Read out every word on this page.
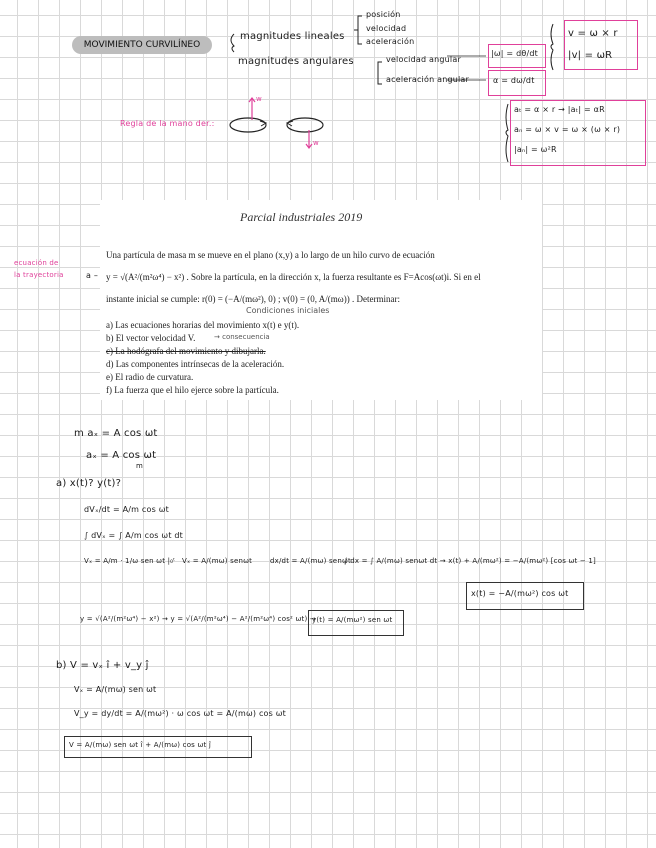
MOVIMIENTO CURVILÍNEO
magnitudes lineales
posición
velocidad
aceleración
magnitudes angulares	velocidad angular
aceleración angular
|ω| = dθ/dt
α = dω/dt
v = ω × r
|v| = ωR
Regla de la mano der.:
w
w
aₜ = α × r → |aₜ| = αR
aₙ = ω × v = ω × (ω × r)
|aₙ| = ω²R
Parcial industriales 2019
Una partícula de masa m se mueve en el plano (x,y) a lo largo de un hilo curvo de ecuación
y = √(A²/(m²ω⁴) − x²) . Sobre la partícula, en la dirección x, la fuerza resultante es F=Acos(ωt)i. Si en el
instante inicial se cumple: r(0) = (−A/(mω²), 0) ; v(0) = (0, A/(mω)) . Determinar:
Condiciones iniciales
a) Las ecuaciones horarias del movimiento x(t) e y(t).
b) El vector velocidad V.	→ consecuencia
c) La hodógrafa del movimiento y dibujarla.
d) Las componentes intrínsecas de la aceleración.
e) El radio de curvatura.
f) La fuerza que el hilo ejerce sobre la partícula.
ecuación de
la trayectoria	a –
m aₓ = A cos ωt
aₓ = A cos ωt
m
a) x(t)? y(t)?
dVₓ/dt = A/m cos ωt
∫ dVₓ = ∫ A/m cos ωt dt
Vₓ = A/m · 1/ω sen ωt |₀ᵗ Vₓ = A/(mω) senωt	dx/dt = A/(mω) senωt
∫ dx = ∫ A/(mω) senωt dt → x(t) + A/(mω²) = −A/(mω²) [cos ωt − 1]
x(t) = −A/(mω²) cos ωt
y = √(A²/(m²ω⁴) − x²) → y = √(A²/(m²ω⁴) − A²/(m²ω⁴) cos² ωt) →
y(t) = A/(mω²) sen ωt
b) V = vₓ î + v_y ĵ
Vₓ = A/(mω) sen ωt
V_y = dy/dt = A/(mω²) · ω cos ωt = A/(mω) cos ωt
V = A/(mω) sen ωt î + A/(mω) cos ωt ĵ
